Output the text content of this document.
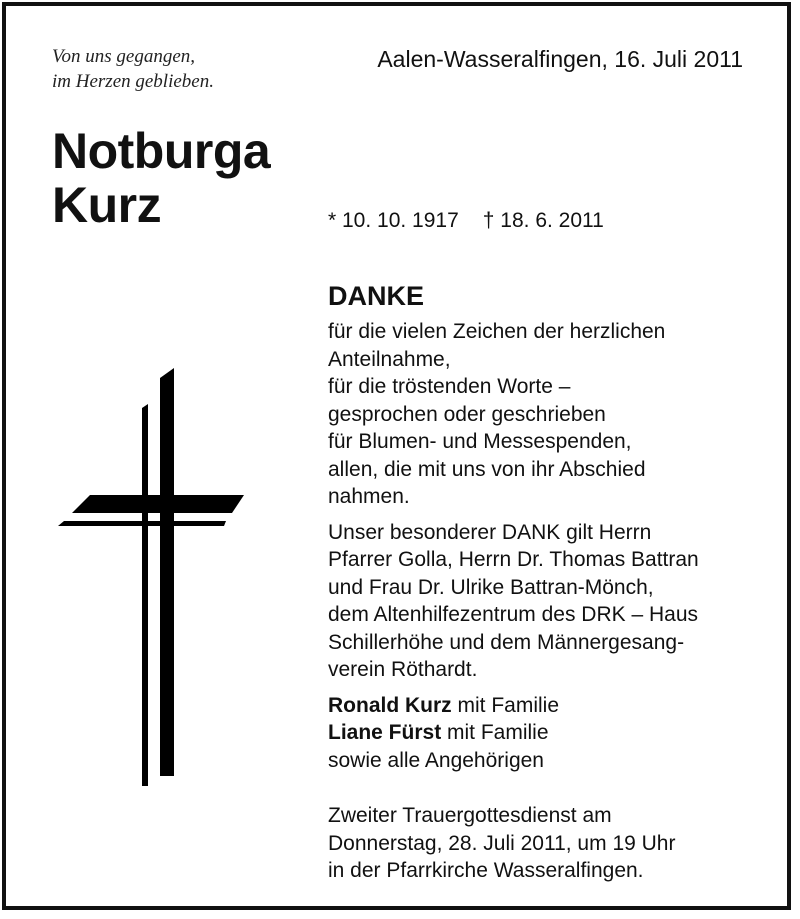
Von uns gegangen,
im Herzen geblieben.
Aalen-Wasseralfingen, 16. Juli 2011
Notburga
Kurz	* 10. 10. 1917 † 18. 6. 2011
DANKE
für die vielen Zeichen der herzlichen
Anteilnahme,
für die tröstenden Worte –
gesprochen oder geschrieben
für Blumen- und Messespenden,
allen, die mit uns von ihr Abschied
nahmen.
Unser besonderer DANK gilt Herrn
Pfarrer Golla, Herrn Dr. Thomas Battran
und Frau Dr. Ulrike Battran-Mönch,
dem Altenhilfezentrum des DRK – Haus
Schillerhöhe und dem Männergesang-
verein Röthardt.
Ronald Kurz mit Familie
Liane Fürst mit Familie
sowie alle Angehörigen
Zweiter Trauergottesdienst am
Donnerstag, 28. Juli 2011, um 19 Uhr
in der Pfarrkirche Wasseralfingen.
